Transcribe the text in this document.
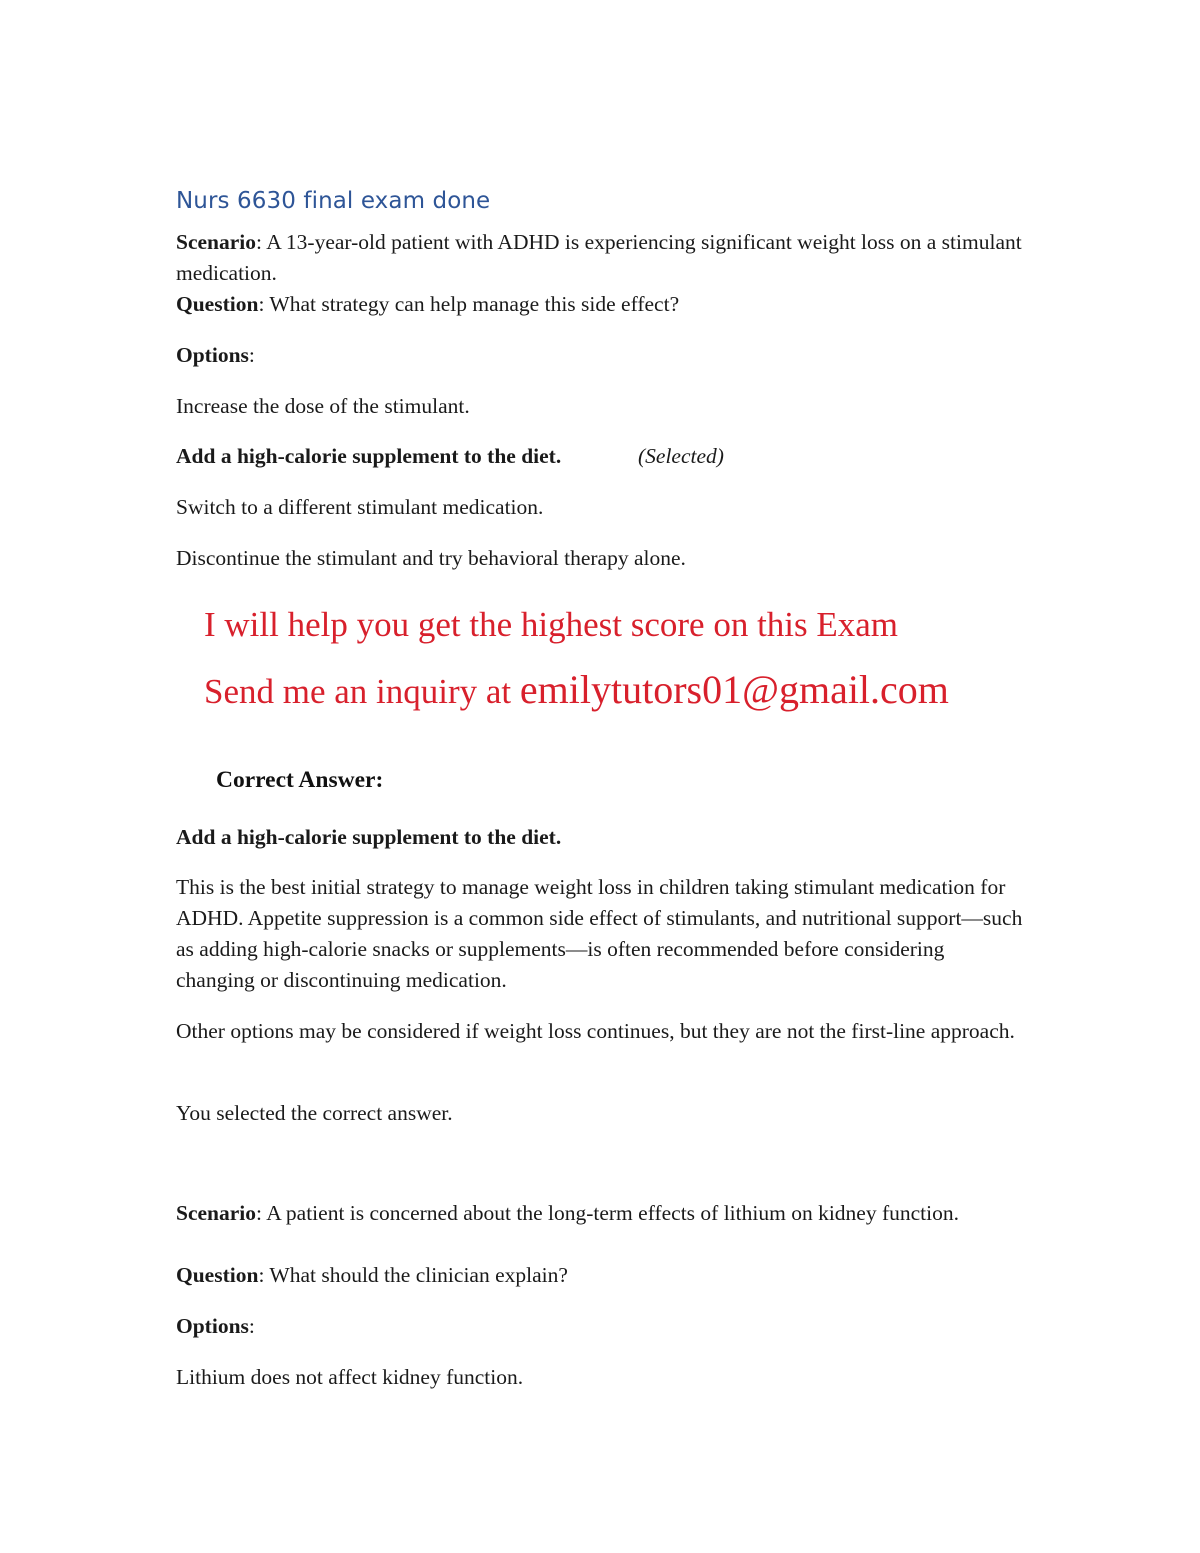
Nurs 6630 final exam done
Scenario: A 13-year-old patient with ADHD is experiencing significant weight loss on a stimulant medication.
Question: What strategy can help manage this side effect?
Options:
Increase the dose of the stimulant.
Add a high-calorie supplement to the diet.	(Selected)
Switch to a different stimulant medication.
Discontinue the stimulant and try behavioral therapy alone.
I will help you get the highest score on this Exam
Send me an inquiry at emilytutors01@gmail.com
Correct Answer:
Add a high-calorie supplement to the diet.
This is the best initial strategy to manage weight loss in children taking stimulant medication for ADHD. Appetite suppression is a common side effect of stimulants, and nutritional support—such as adding high-calorie snacks or supplements—is often recommended before considering changing or discontinuing medication.
Other options may be considered if weight loss continues, but they are not the first-line approach.
You selected the correct answer.
Scenario: A patient is concerned about the long-term effects of lithium on kidney function.
Question: What should the clinician explain?
Options:
Lithium does not affect kidney function.
